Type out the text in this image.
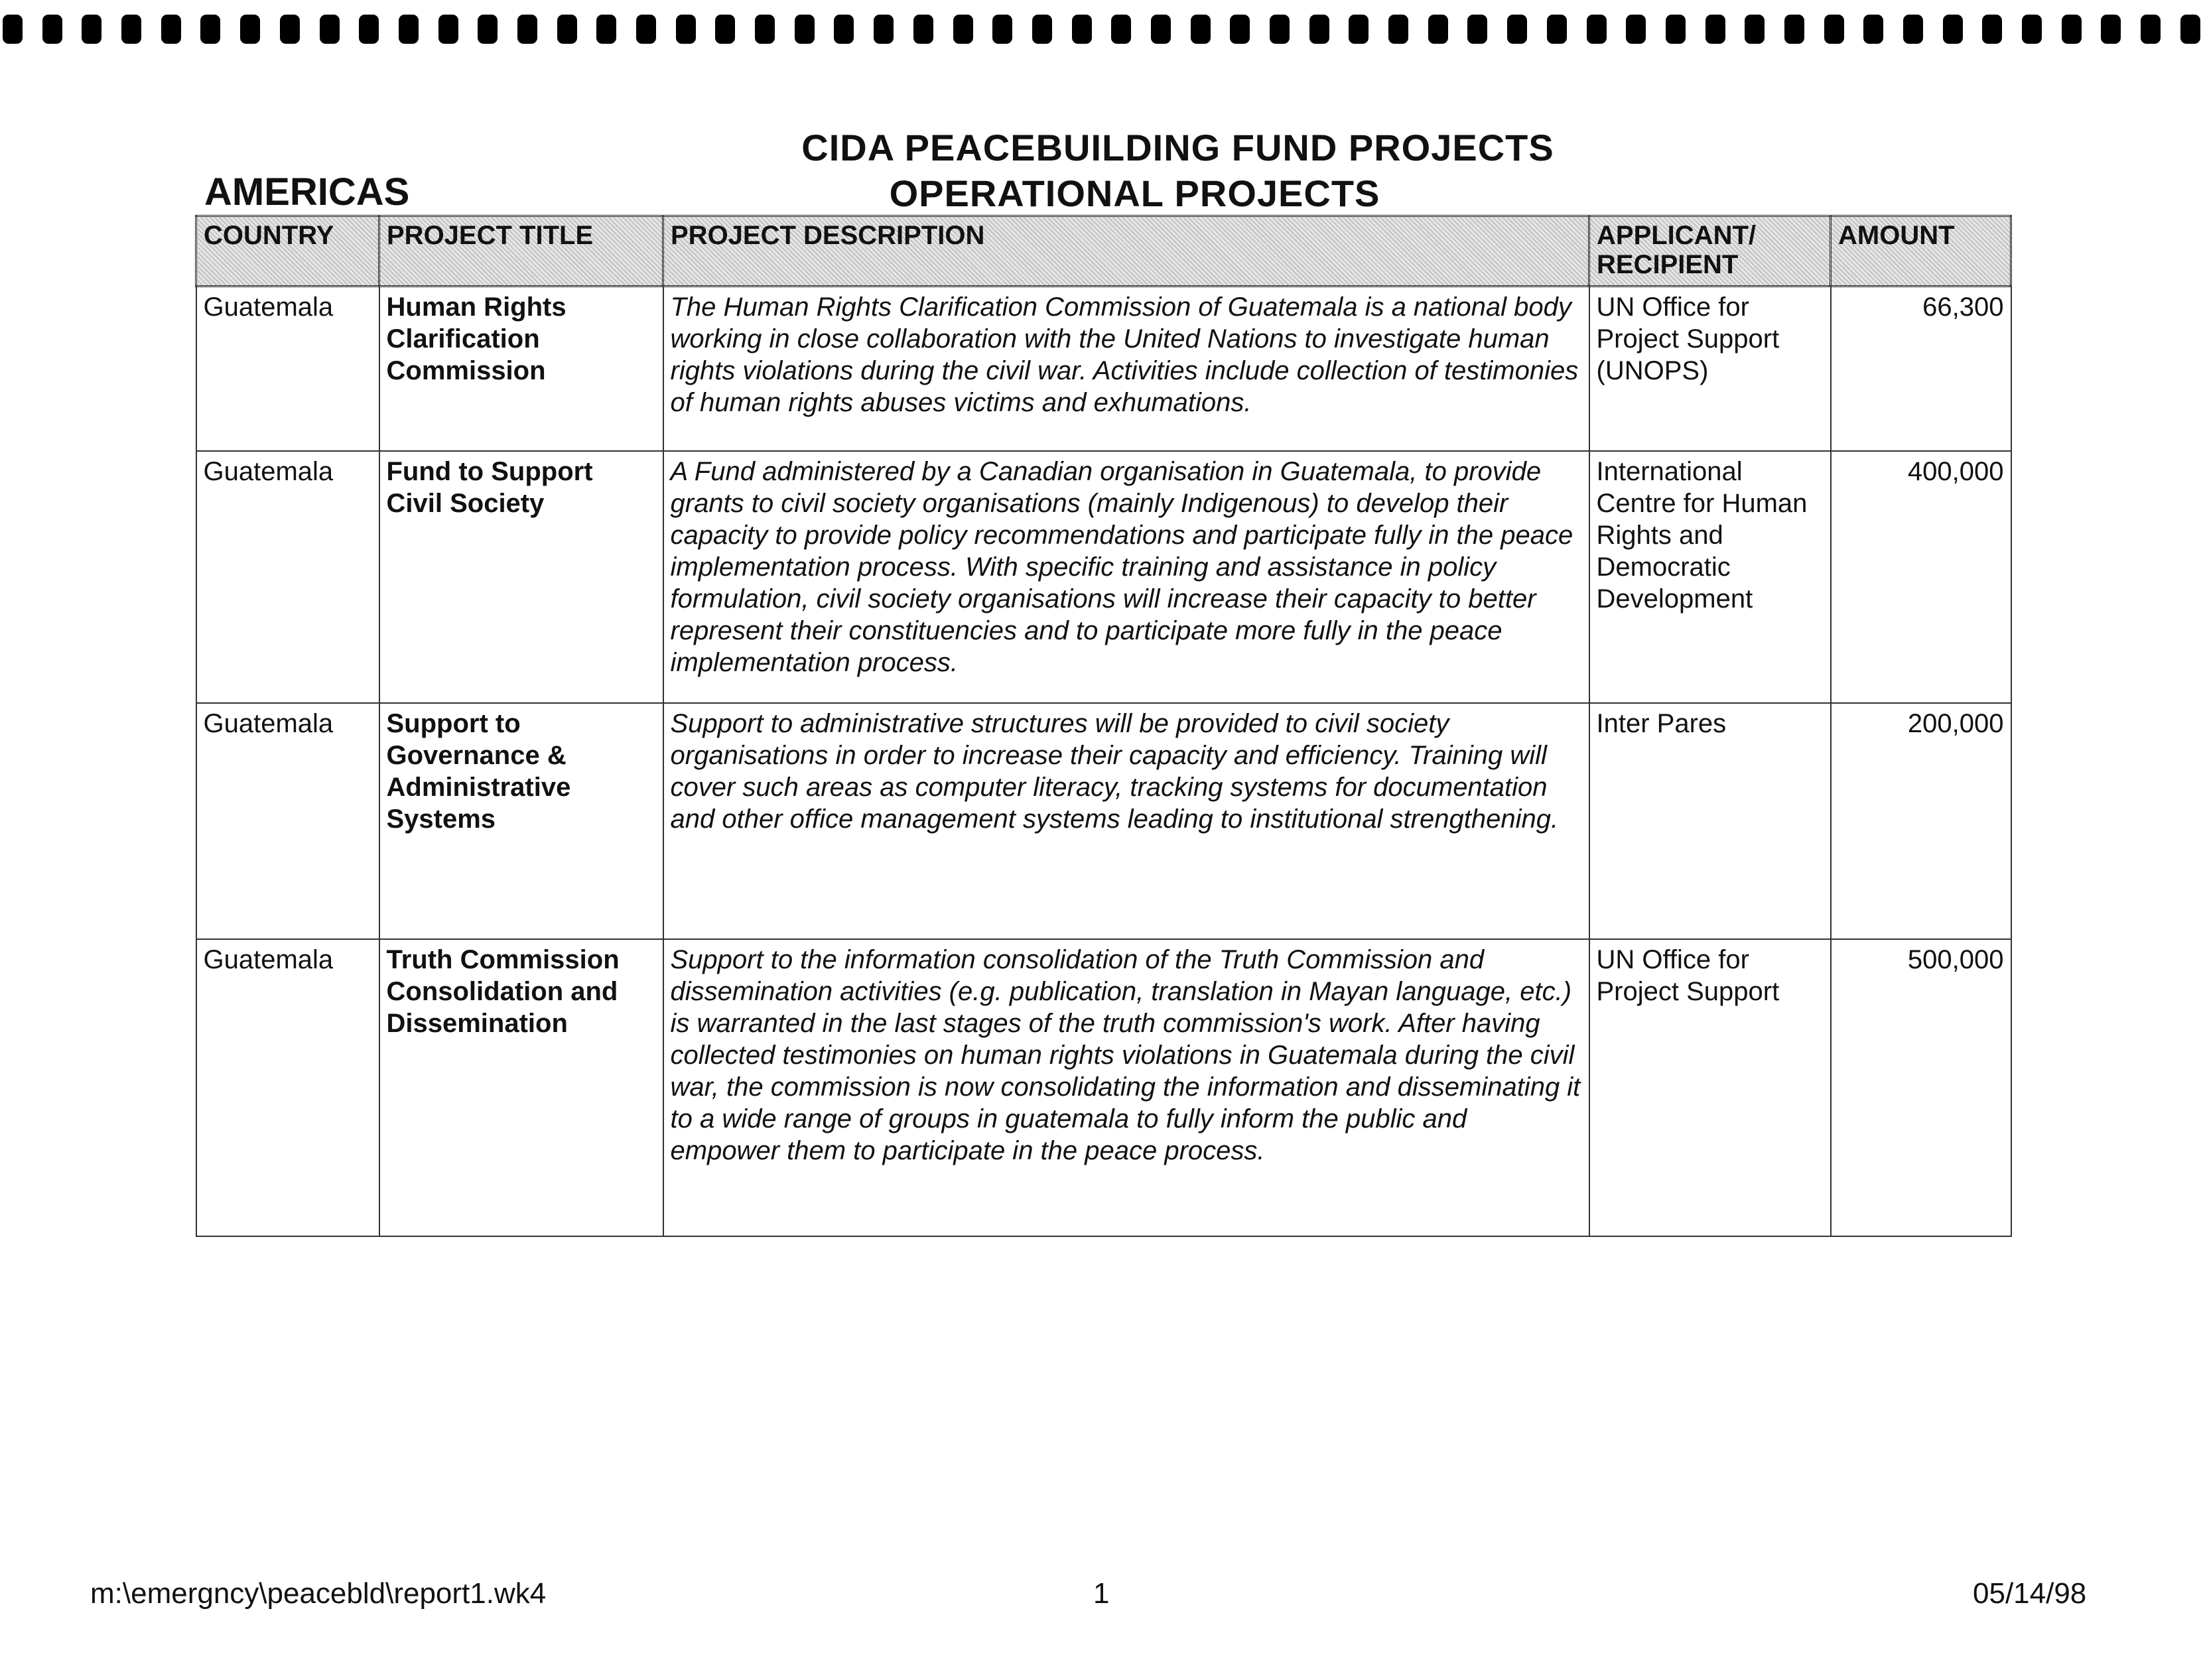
CIDA PEACEBUILDING FUND PROJECTS
AMERICAS	OPERATIONAL PROJECTS
COUNTRY	PROJECT TITLE	PROJECT DESCRIPTION	APPLICANT/ RECIPIENT	AMOUNT
Guatemala	Human Rights Clarification Commission	The Human Rights Clarification Commission of Guatemala is a national body working in close collaboration with the United Nations to investigate human rights violations during the civil war. Activities include collection of testimonies of human rights abuses victims and exhumations.	UN Office for Project Support (UNOPS)	66,300
Guatemala	Fund to Support Civil Society	A Fund administered by a Canadian organisation in Guatemala, to provide grants to civil society organisations (mainly Indigenous) to develop their capacity to provide policy recommendations and participate fully in the peace implementation process. With specific training and assistance in policy formulation, civil society organisations will increase their capacity to better represent their constituencies and to participate more fully in the peace implementation process.	International Centre for Human Rights and Democratic Development	400,000
Guatemala	Support to Governance & Administrative Systems	Support to administrative structures will be provided to civil society organisations in order to increase their capacity and efficiency. Training will cover such areas as computer literacy, tracking systems for documentation and other office management systems leading to institutional strengthening.	Inter Pares	200,000
Guatemala	Truth Commission Consolidation and Dissemination	Support to the information consolidation of the Truth Commission and dissemination activities (e.g. publication, translation in Mayan language, etc.) is warranted in the last stages of the truth commission's work. After having collected testimonies on human rights violations in Guatemala during the civil war, the commission is now consolidating the information and disseminating it to a wide range of groups in guatemala to fully inform the public and empower them to participate in the peace process.	UN Office for Project Support	500,000
m:\emergncy\peacebld\report1.wk4	1	05/14/98
